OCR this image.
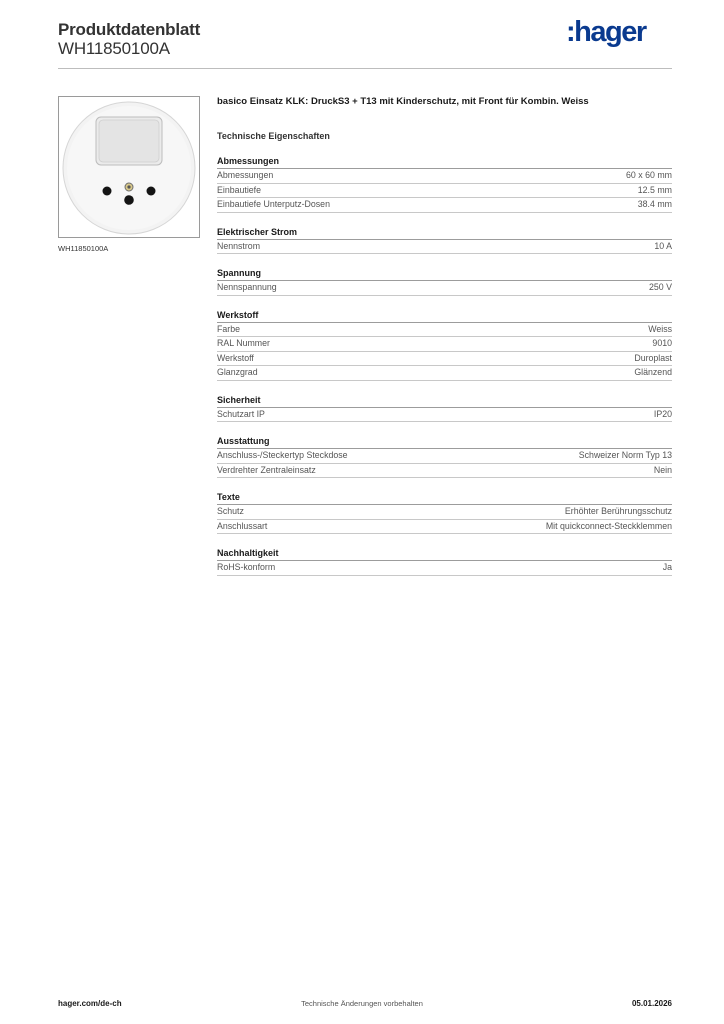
Produktdatenblatt
WH11850100A
:hager
WH11850100A
basico Einsatz KLK: DruckS3 + T13 mit Kinderschutz, mit Front für Kombin. Weiss
Technische Eigenschaften
Abmessungen
Abmessungen	60 x 60 mm
Einbautiefe	12.5 mm
Einbautiefe Unterputz-Dosen	38.4 mm
Elektrischer Strom
Nennstrom	10 A
Spannung
Nennspannung	250 V
Werkstoff
Farbe	Weiss
RAL Nummer	9010
Werkstoff	Duroplast
Glanzgrad	Glänzend
Sicherheit
Schutzart IP	IP20
Ausstattung
Anschluss-/Steckertyp Steckdose	Schweizer Norm Typ 13
Verdrehter Zentraleinsatz	Nein
Texte
Schutz	Erhöhter Berührungsschutz
Anschlussart	Mit quickconnect-Steckklemmen
Nachhaltigkeit
RoHS-konform	Ja
hager.com/de-ch	Technische Änderungen vorbehalten	05.01.2026
